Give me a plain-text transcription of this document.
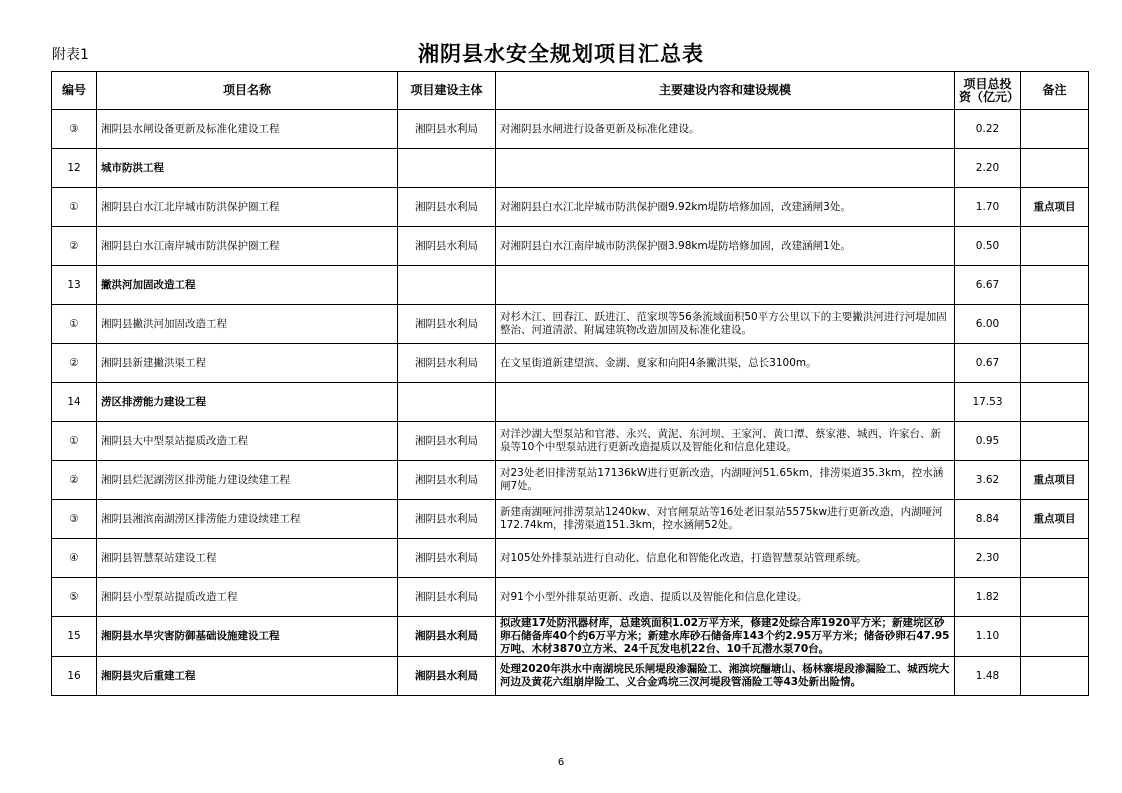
附表1	湘阴县水安全规划项目汇总表
编号	项目名称	项目建设主体	主要建设内容和建设规模	项目总投资（亿元）	备注
③	湘阴县水闸设备更新及标准化建设工程	湘阴县水利局	对湘阴县水闸进行设备更新及标准化建设。	0.22	
12	城市防洪工程			2.20	
①	湘阴县白水江北岸城市防洪保护圈工程	湘阴县水利局	对湘阴县白水江北岸城市防洪保护圈9.92km堤防培修加固，改建涵闸3处。	1.70	重点项目
②	湘阴县白水江南岸城市防洪保护圈工程	湘阴县水利局	对湘阴县白水江南岸城市防洪保护圈3.98km堤防培修加固，改建涵闸1处。	0.50	
13	撇洪河加固改造工程			6.67	
①	湘阴县撇洪河加固改造工程	湘阴县水利局	对杉木江、回春江、跃进江、范家坝等56条流域面积50平方公里以下的主要撇洪河进行河堤加固整治、河道清淤、附属建筑物改造加固及标准化建设。	6.00	
②	湘阴县新建撇洪渠工程	湘阴县水利局	在文星街道新建望滨、金湖、夏家和向阳4条撇洪渠，总长3100m。	0.67	
14	涝区排涝能力建设工程			17.53	
①	湘阴县大中型泵站提质改造工程	湘阴县水利局	对洋沙湖大型泵站和官港、永兴、黄泥、东河坝、王家河、黄口潭、蔡家港、城西、许家台、新泉等10个中型泵站进行更新改造提质以及智能化和信息化建设。	0.95	
②	湘阴县烂泥湖涝区排涝能力建设续建工程	湘阴县水利局	对23处老旧排涝泵站17136kW进行更新改造，内湖哑河51.65km，排涝渠道35.3km，控水涵闸7处。	3.62	重点项目
③	湘阴县湘滨南湖涝区排涝能力建设续建工程	湘阴县水利局	新建南湖哑河排涝泵站1240kw、对官闸泵站等16处老旧泵站5575kw进行更新改造，内湖哑河172.74km，排涝渠道151.3km，控水涵闸52处。	8.84	重点项目
④	湘阴县智慧泵站建设工程	湘阴县水利局	对105处外排泵站进行自动化、信息化和智能化改造，打造智慧泵站管理系统。	2.30	
⑤	湘阴县小型泵站提质改造工程	湘阴县水利局	对91个小型外排泵站更新、改造、提质以及智能化和信息化建设。	1.82	
15	湘阴县水旱灾害防御基础设施建设工程	湘阴县水利局	拟改建17处防汛器材库，总建筑面积1.02万平方米，修建2处综合库1920平方米；新建垸区砂卵石储备库40个约6万平方米；新建水库砂石储备库143个约2.95万平方米；储备砂卵石47.95万吨、木材3870立方米、24千瓦发电机22台、10千瓦潜水泵70台。	1.10	
16	湘阴县灾后重建工程	湘阴县水利局	处理2020年洪水中南湖垸民乐闸堤段渗漏险工、湘滨垸酾塘山、杨林寨堤段渗漏险工、城西垸大河边及黄花六组崩岸险工、义合金鸡垸三汊河堤段管涌险工等43处新出险情。	1.48	
6
